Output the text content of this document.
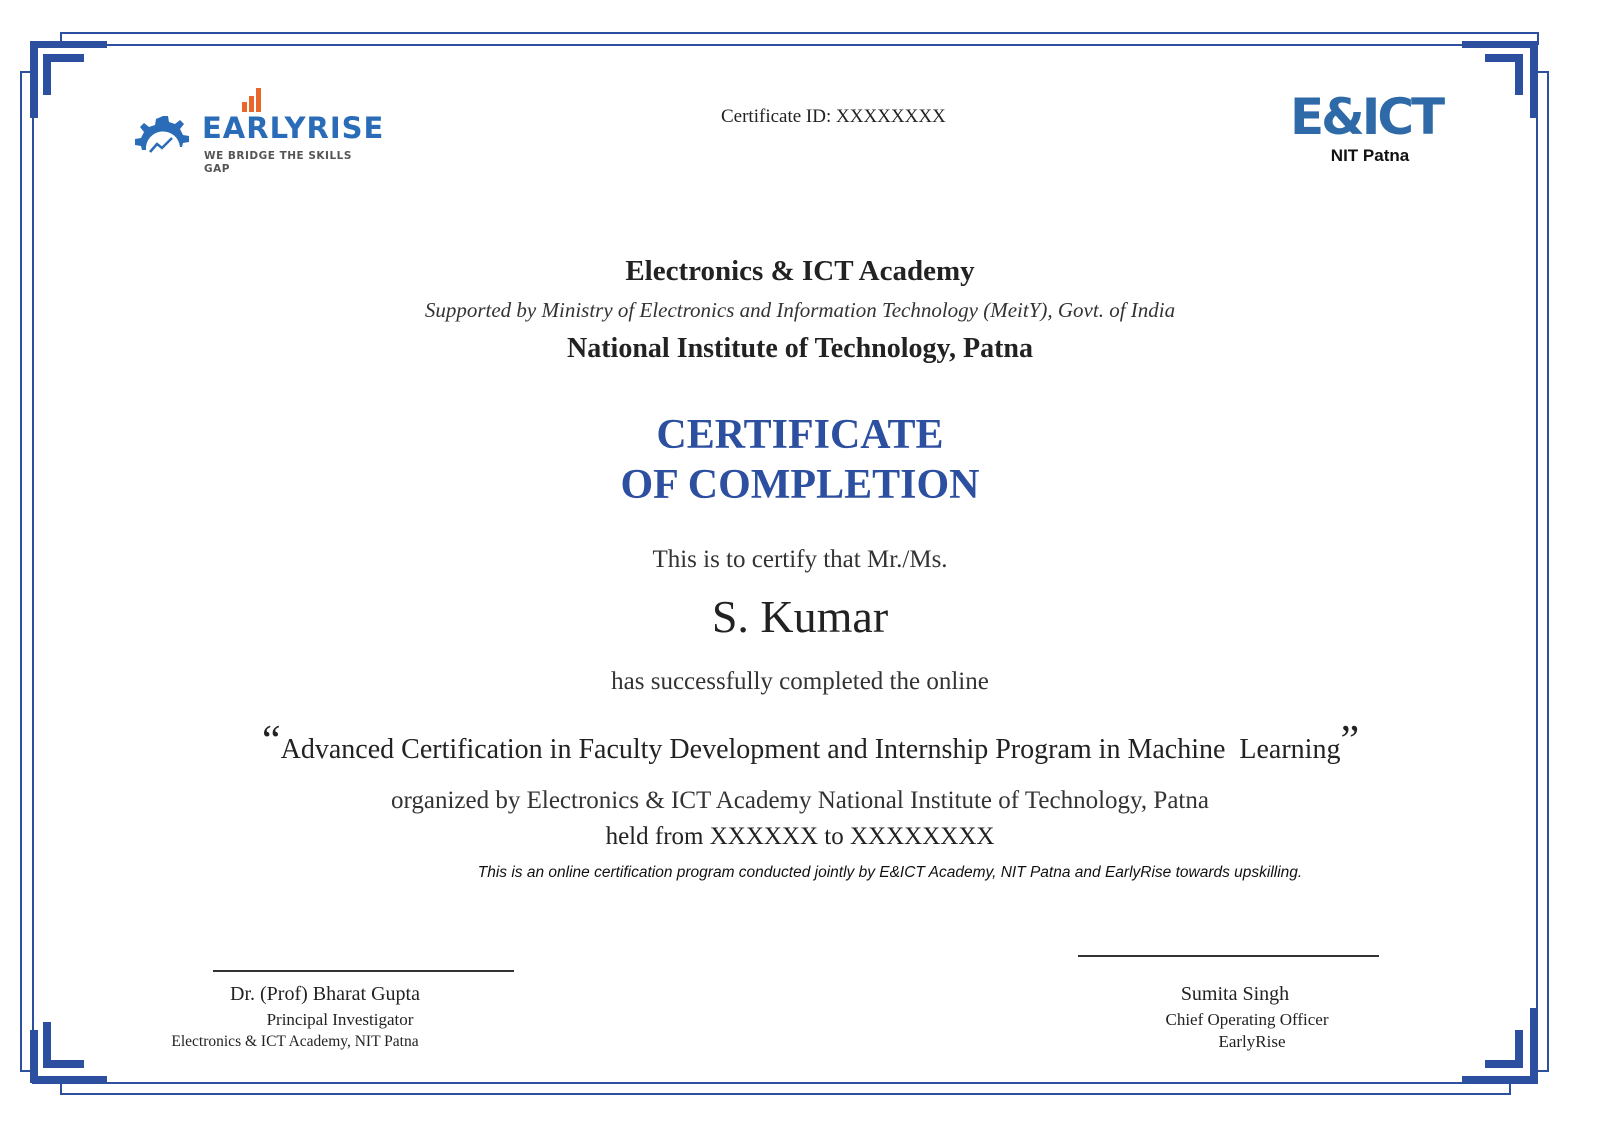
EARLYRISE
WE BRIDGE THE SKILLS GAP
Certificate ID: XXXXXXXX	E&ICT
NIT Patna
Electronics & ICT Academy
Supported by Ministry of Electronics and Information Technology (MeitY), Govt. of India
National Institute of Technology, Patna
CERTIFICATE
OF COMPLETION
This is to certify that Mr./Ms.
S. Kumar
has successfully completed the online
“Advanced Certification in Faculty Development and Internship Program in Machine  Learning”
organized by Electronics & ICT Academy National Institute of Technology, Patna
held from XXXXXX to XXXXXXXX
This is an online certification program conducted jointly by E&ICT Academy, NIT Patna and EarlyRise towards upskilling.
Dr. (Prof) Bharat Gupta
Principal Investigator
Electronics & ICT Academy, NIT Patna
Sumita Singh
Chief Operating Officer
EarlyRise
